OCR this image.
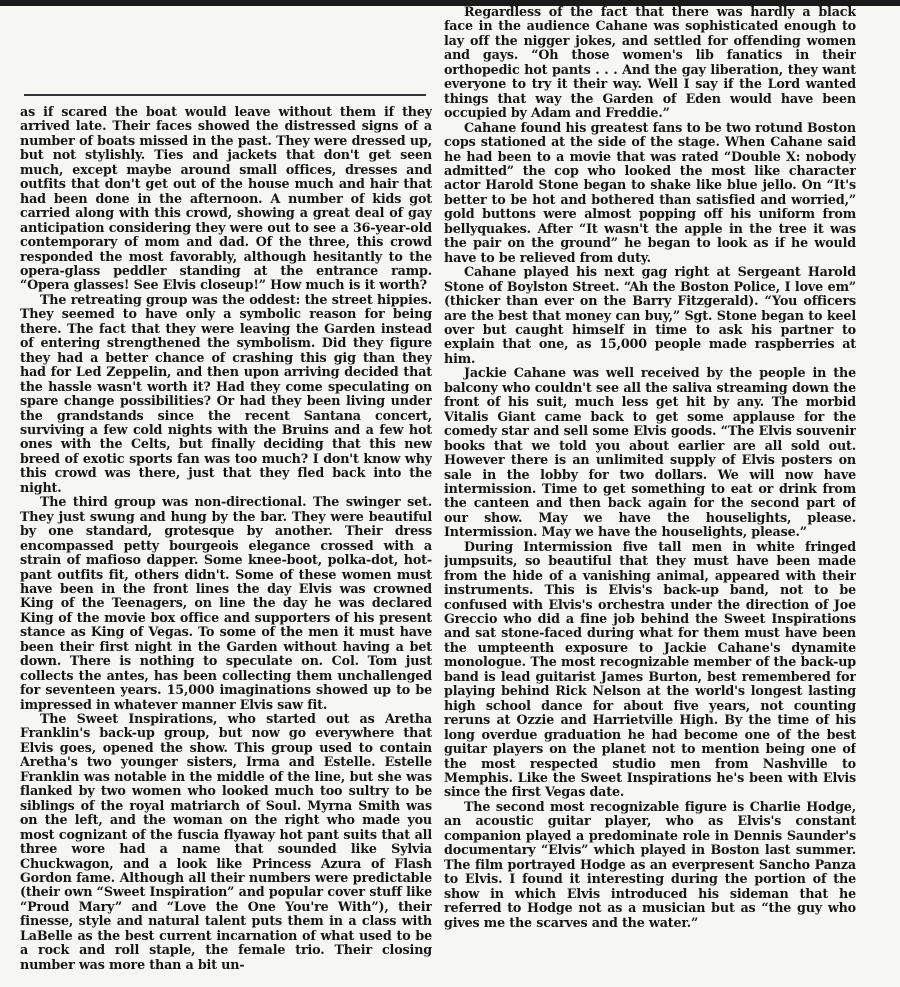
as if scared the boat would leave without them if they arrived late. Their faces showed the distressed signs of a number of boats missed in the past. They were dressed up, but not stylishly. Ties and jackets that don't get seen much, except maybe around small offices, dresses and outfits that don't get out of the house much and hair that had been done in the afternoon. A number of kids got carried along with this crowd, showing a great deal of gay anticipation considering they were out to see a 36-year-old contemporary of mom and dad. Of the three, this crowd responded the most favorably, although hesitantly to the opera-glass peddler standing at the entrance ramp. “Opera glasses! See Elvis closeup!” How much is it worth?

The retreating group was the oddest: the street hippies. They seemed to have only a symbolic reason for being there. The fact that they were leaving the Garden instead of entering strengthened the symbolism. Did they figure they had a better chance of crashing this gig than they had for Led Zeppelin, and then upon arriving decided that the hassle wasn't worth it? Had they come speculating on spare change possibilities? Or had they been living under the grandstands since the recent Santana concert, surviving a few cold nights with the Bruins and a few hot ones with the Celts, but finally deciding that this new breed of exotic sports fan was too much? I don't know why this crowd was there, just that they fled back into the night.

The third group was non-directional. The swinger set. They just swung and hung by the bar. They were beautiful by one standard, grotesque by another. Their dress encompassed petty bourgeois elegance crossed with a strain of mafioso dapper. Some knee-boot, polka-dot, hot-pant outfits fit, others didn't. Some of these women must have been in the front lines the day Elvis was crowned King of the Teenagers, on line the day he was declared King of the movie box office and supporters of his present stance as King of Vegas. To some of the men it must have been their first night in the Garden without having a bet down. There is nothing to speculate on. Col. Tom just collects the antes, has been collecting them unchallenged for seventeen years. 15,000 imaginations showed up to be impressed in whatever manner Elvis saw fit.

The Sweet Inspirations, who started out as Aretha Franklin's back-up group, but now go everywhere that Elvis goes, opened the show. This group used to contain Aretha's two younger sisters, Irma and Estelle. Estelle Franklin was notable in the middle of the line, but she was flanked by two women who looked much too sultry to be siblings of the royal matriarch of Soul. Myrna Smith was on the left, and the woman on the right who made you most cognizant of the fuscia flyaway hot pant suits that all three wore had a name that sounded like Sylvia Chuckwagon, and a look like Princess Azura of Flash Gordon fame. Although all their numbers were predictable (their own “Sweet Inspiration” and popular cover stuff like “Proud Mary” and “Love the One You're With”), their finesse, style and natural talent puts them in a class with LaBelle as the best current incarnation of what used to be a rock and roll staple, the female trio. Their closing number was more than a bit un-

Regardless of the fact that there was hardly a black face in the audience Cahane was sophisticated enough to lay off the nigger jokes, and settled for offending women and gays. “Oh those women's lib fanatics in their orthopedic hot pants . . . And the gay liberation, they want everyone to try it their way. Well I say if the Lord wanted things that way the Garden of Eden would have been occupied by Adam and Freddie.”

Cahane found his greatest fans to be two rotund Boston cops stationed at the side of the stage. When Cahane said he had been to a movie that was rated “Double X: nobody admitted” the cop who looked the most like character actor Harold Stone began to shake like blue jello. On “It's better to be hot and bothered than satisfied and worried,” gold buttons were almost popping off his uniform from bellyquakes. After “It wasn't the apple in the tree it was the pair on the ground” he began to look as if he would have to be relieved from duty.

Cahane played his next gag right at Sergeant Harold Stone of Boylston Street. “Ah the Boston Police, I love em” (thicker than ever on the Barry Fitzgerald). “You officers are the best that money can buy,” Sgt. Stone began to keel over but caught himself in time to ask his partner to explain that one, as 15,000 people made raspberries at him.

Jackie Cahane was well received by the people in the balcony who couldn't see all the saliva streaming down the front of his suit, much less get hit by any. The morbid Vitalis Giant came back to get some applause for the comedy star and sell some Elvis goods. “The Elvis souvenir books that we told you about earlier are all sold out. However there is an unlimited supply of Elvis posters on sale in the lobby for two dollars. We will now have intermission. Time to get something to eat or drink from the canteen and then back again for the second part of our show. May we have the houselights, please. Intermission. May we have the houselights, please.”

During Intermission five tall men in white fringed jumpsuits, so beautiful that they must have been made from the hide of a vanishing animal, appeared with their instruments. This is Elvis's back-up band, not to be confused with Elvis's orchestra under the direction of Joe Greccio who did a fine job behind the Sweet Inspirations and sat stone-faced during what for them must have been the umpteenth exposure to Jackie Cahane's dynamite monologue. The most recognizable member of the back-up band is lead guitarist James Burton, best remembered for playing behind Rick Nelson at the world's longest lasting high school dance for about five years, not counting reruns at Ozzie and Harrietville High. By the time of his long overdue graduation he had become one of the best guitar players on the planet not to mention being one of the most respected studio men from Nashville to Memphis. Like the Sweet Inspirations he's been with Elvis since the first Vegas date.

The second most recognizable figure is Charlie Hodge, an acoustic guitar player, who as Elvis's constant companion played a predominate role in Dennis Saunder's documentary “Elvis” which played in Boston last summer. The film portrayed Hodge as an everpresent Sancho Panza to Elvis. I found it interesting during the portion of the show in which Elvis introduced his sideman that he referred to Hodge not as a musician but as “the guy who gives me the scarves and the water.”
